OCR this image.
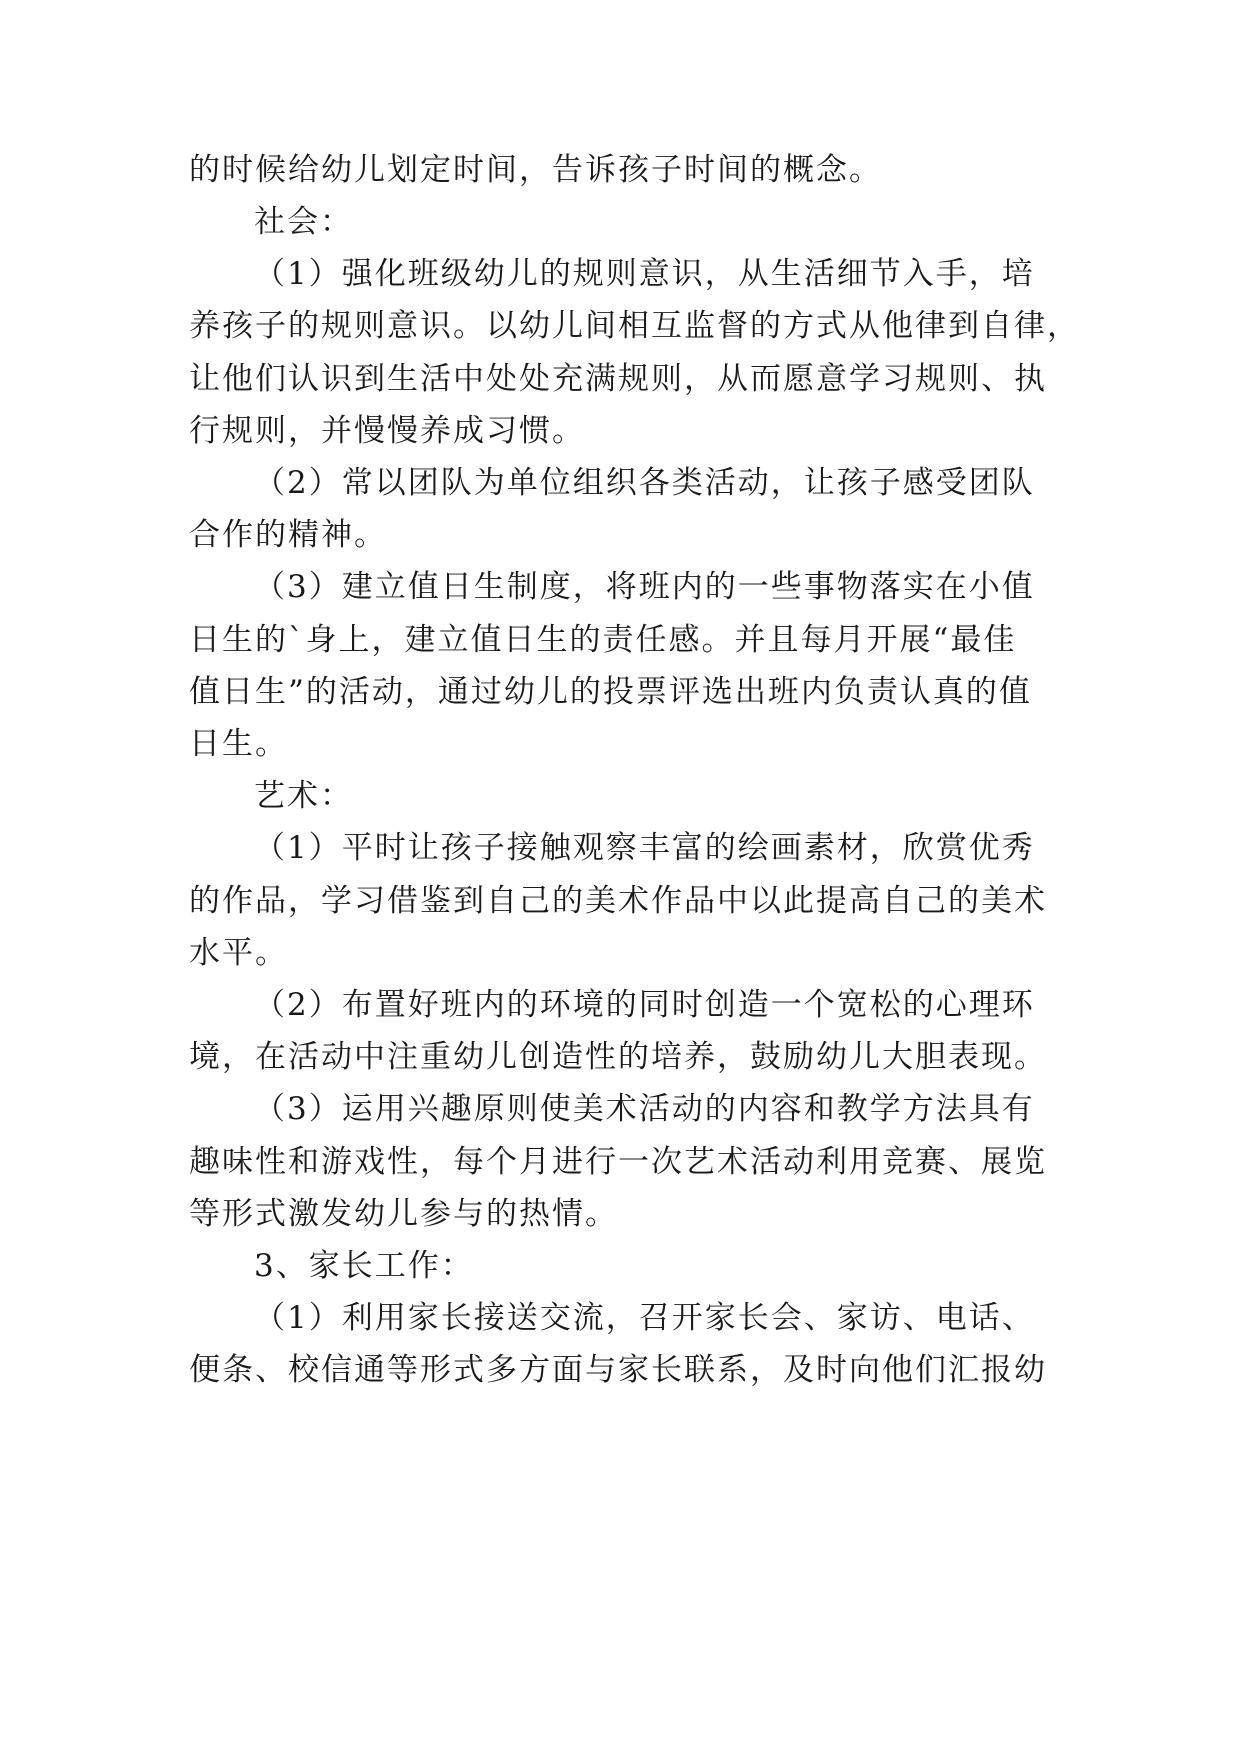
的时候给幼儿划定时间，告诉孩子时间的概念。
社会：
（1）强化班级幼儿的规则意识，从生活细节入手，培
养孩子的规则意识。以幼儿间相互监督的方式从他律到自律，
让他们认识到生活中处处充满规则，从而愿意学习规则、执
行规则，并慢慢养成习惯。
（2）常以团队为单位组织各类活动，让孩子感受团队
合作的精神。
（3）建立值日生制度，将班内的一些事物落实在小值
日生的`身上，建立值日生的责任感。并且每月开展“最佳
值日生”的活动，通过幼儿的投票评选出班内负责认真的值
日生。
艺术：
（1）平时让孩子接触观察丰富的绘画素材，欣赏优秀
的作品，学习借鉴到自己的美术作品中以此提高自己的美术
水平。
（2）布置好班内的环境的同时创造一个宽松的心理环
境，在活动中注重幼儿创造性的培养，鼓励幼儿大胆表现。
（3）运用兴趣原则使美术活动的内容和教学方法具有
趣味性和游戏性，每个月进行一次艺术活动利用竞赛、展览
等形式激发幼儿参与的热情。
3、家长工作：
（1）利用家长接送交流，召开家长会、家访、电话、
便条、校信通等形式多方面与家长联系，及时向他们汇报幼
